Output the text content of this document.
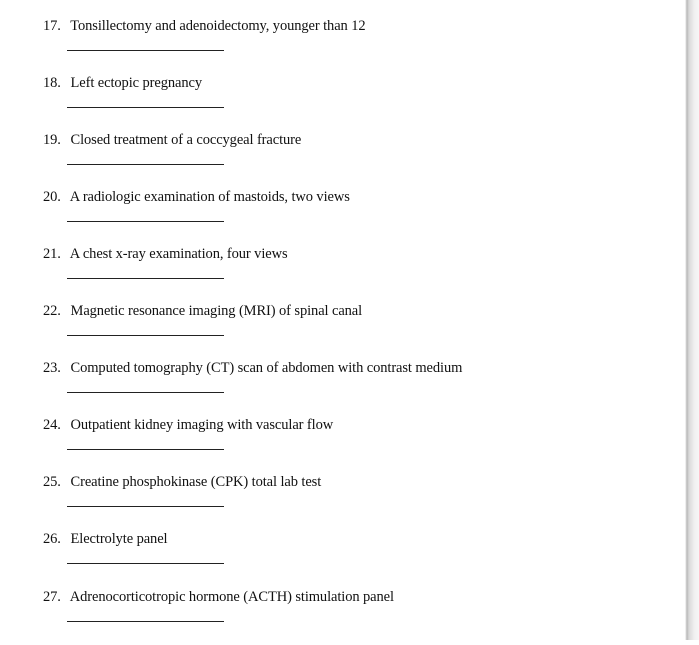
17. Tonsillectomy and adenoidectomy, younger than 12
18. Left ectopic pregnancy
19. Closed treatment of a coccygeal fracture
20. A radiologic examination of mastoids, two views
21. A chest x-ray examination, four views
22. Magnetic resonance imaging (MRI) of spinal canal
23. Computed tomography (CT) scan of abdomen with contrast medium
24. Outpatient kidney imaging with vascular flow
25. Creatine phosphokinase (CPK) total lab test
26. Electrolyte panel
27. Adrenocorticotropic hormone (ACTH) stimulation panel
